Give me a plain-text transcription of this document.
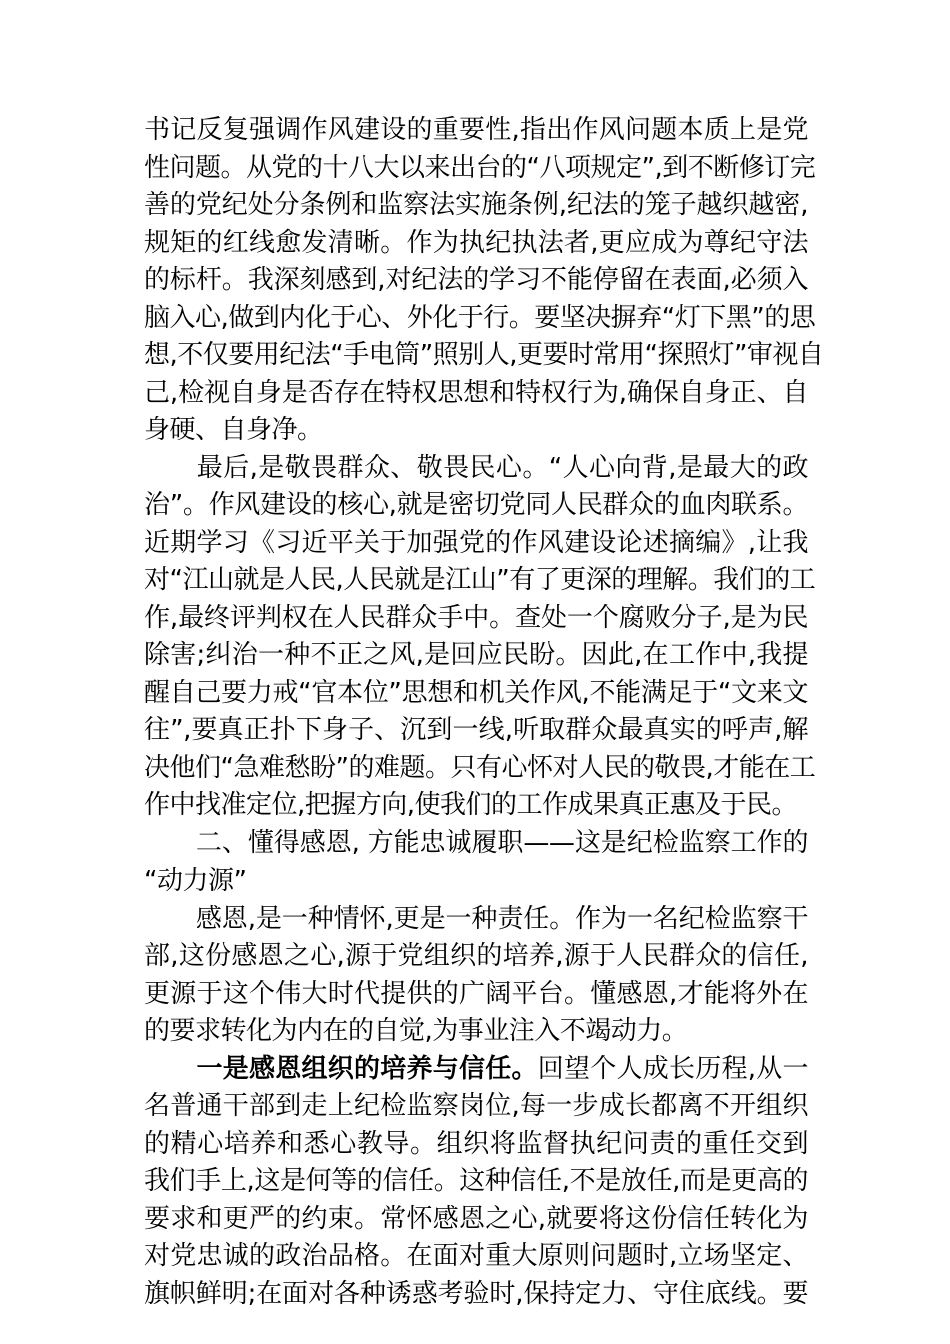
书记反复强调作风建设的重要性,指出作风问题本质上是党
性问题。从党的十八大以来出台的“八项规定”,到不断修订完
善的党纪处分条例和监察法实施条例,纪法的笼子越织越密,
规矩的红线愈发清晰。作为执纪执法者,更应成为尊纪守法
的标杆。我深刻感到,对纪法的学习不能停留在表面,必须入
脑入心,做到内化于心、外化于行。要坚决摒弃“灯下黑”的思
想,不仅要用纪法“手电筒”照别人,更要时常用“探照灯”审视自
己,检视自身是否存在特权思想和特权行为,确保自身正、自
身硬、自身净。
　　最后,是敬畏群众、敬畏民心。“人心向背,是最大的政
治”。作风建设的核心,就是密切党同人民群众的血肉联系。
近期学习《习近平关于加强党的作风建设论述摘编》,让我
对“江山就是人民,人民就是江山”有了更深的理解。我们的工
作,最终评判权在人民群众手中。查处一个腐败分子,是为民
除害;纠治一种不正之风,是回应民盼。因此,在工作中,我提
醒自己要力戒“官本位”思想和机关作风,不能满足于“文来文
往”,要真正扑下身子、沉到一线,听取群众最真实的呼声,解
决他们“急难愁盼”的难题。只有心怀对人民的敬畏,才能在工
作中找准定位,把握方向,使我们的工作成果真正惠及于民。
　　二、懂得感恩, 方能忠诚履职——这是纪检监察工作的
“动力源”
　　感恩,是一种情怀,更是一种责任。作为一名纪检监察干
部,这份感恩之心,源于党组织的培养,源于人民群众的信任,
更源于这个伟大时代提供的广阔平台。懂感恩,才能将外在
的要求转化为内在的自觉,为事业注入不竭动力。
　　一是感恩组织的培养与信任。回望个人成长历程,从一
名普通干部到走上纪检监察岗位,每一步成长都离不开组织
的精心培养和悉心教导。组织将监督执纪问责的重任交到
我们手上,这是何等的信任。这种信任,不是放任,而是更高的
要求和更严的约束。常怀感恩之心,就要将这份信任转化为
对党忠诚的政治品格。在面对重大原则问题时,立场坚定、
旗帜鲜明;在面对各种诱惑考验时,保持定力、守住底线。要
